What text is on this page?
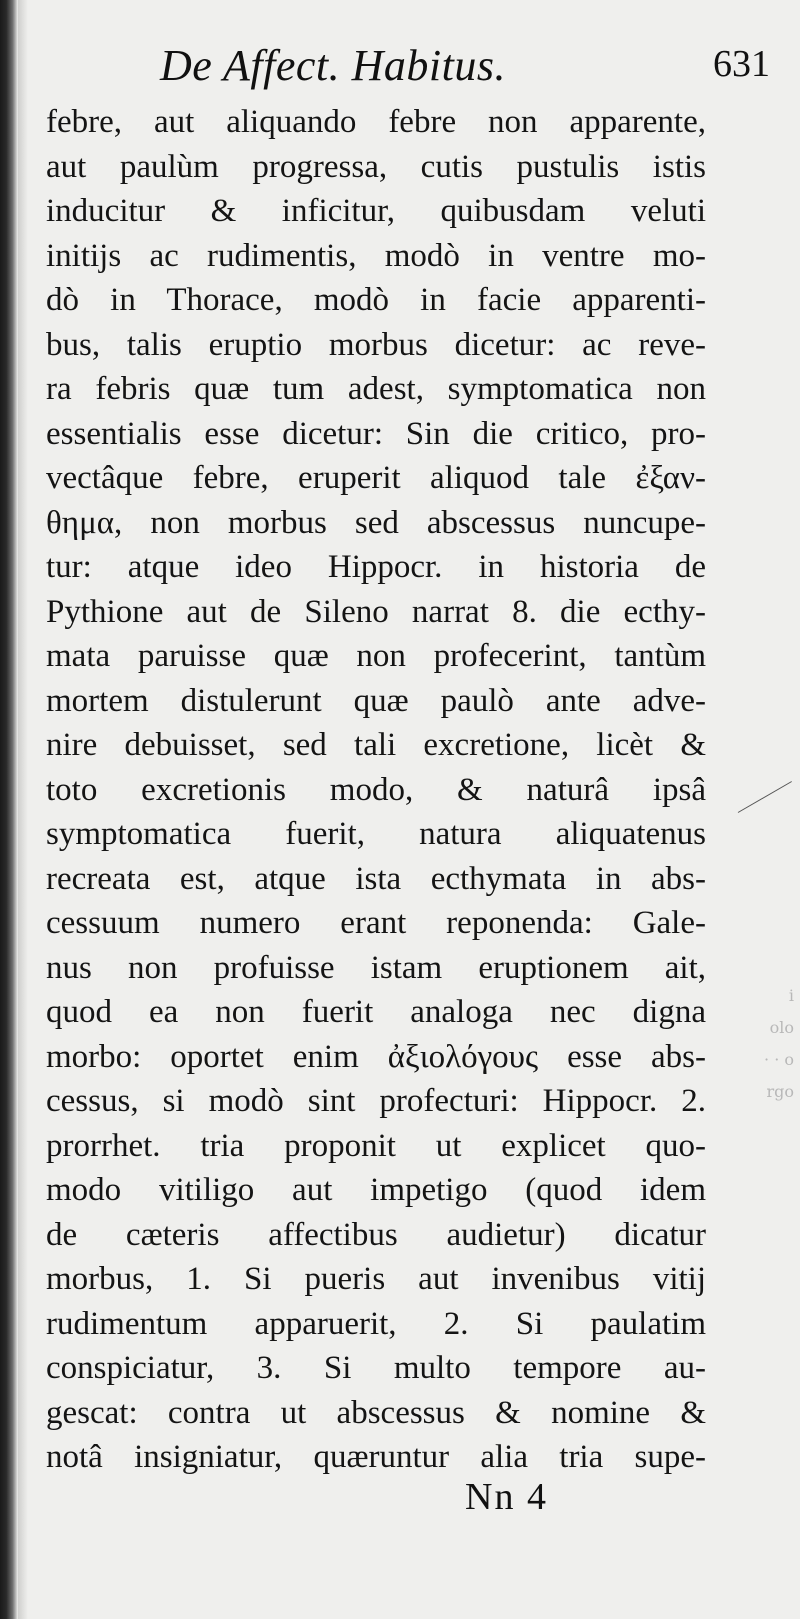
De Affect. Habitus.	631
febre, aut aliquando febre non apparente,
aut paulùm progressa, cutis pustulis istis
inducitur & inficitur, quibusdam veluti
initijs ac rudimentis, modò in ventre mo-
dò in Thorace, modò in facie apparenti-
bus, talis eruptio morbus dicetur: ac reve-
ra febris quæ tum adest, symptomatica non
essentialis esse dicetur: Sin die critico, pro-
vectâque febre, eruperit aliquod tale ἐξαν-
θημα, non morbus sed abscessus nuncupe-
tur: atque ideo Hippocr. in historia de
Pythione aut de Sileno narrat 8. die ecthy-
mata paruisse quæ non profecerint, tantùm
mortem distulerunt quæ paulò ante adve-
nire debuisset, sed tali excretione, licèt &
toto excretionis modo, & naturâ ipsâ
symptomatica fuerit, natura aliquatenus
recreata est, atque ista ecthymata in abs-
cessuum numero erant reponenda: Gale-
nus non profuisse istam eruptionem ait,
quod ea non fuerit analoga nec digna
morbo: oportet enim ἀξιολόγους esse abs-
cessus, si modò sint profecturi: Hippocr. 2.
prorrhet. tria proponit ut explicet quo-
modo vitiligo aut impetigo (quod idem
de cæteris affectibus audietur) dicatur
morbus, 1. Si pueris aut invenibus vitij
rudimentum apparuerit, 2. Si paulatim
conspiciatur, 3. Si multo tempore au-
gescat: contra ut abscessus & nomine &
notâ insigniatur, quæruntur alia tria supe-
i
olo
· · o
rgo
Nn 4
